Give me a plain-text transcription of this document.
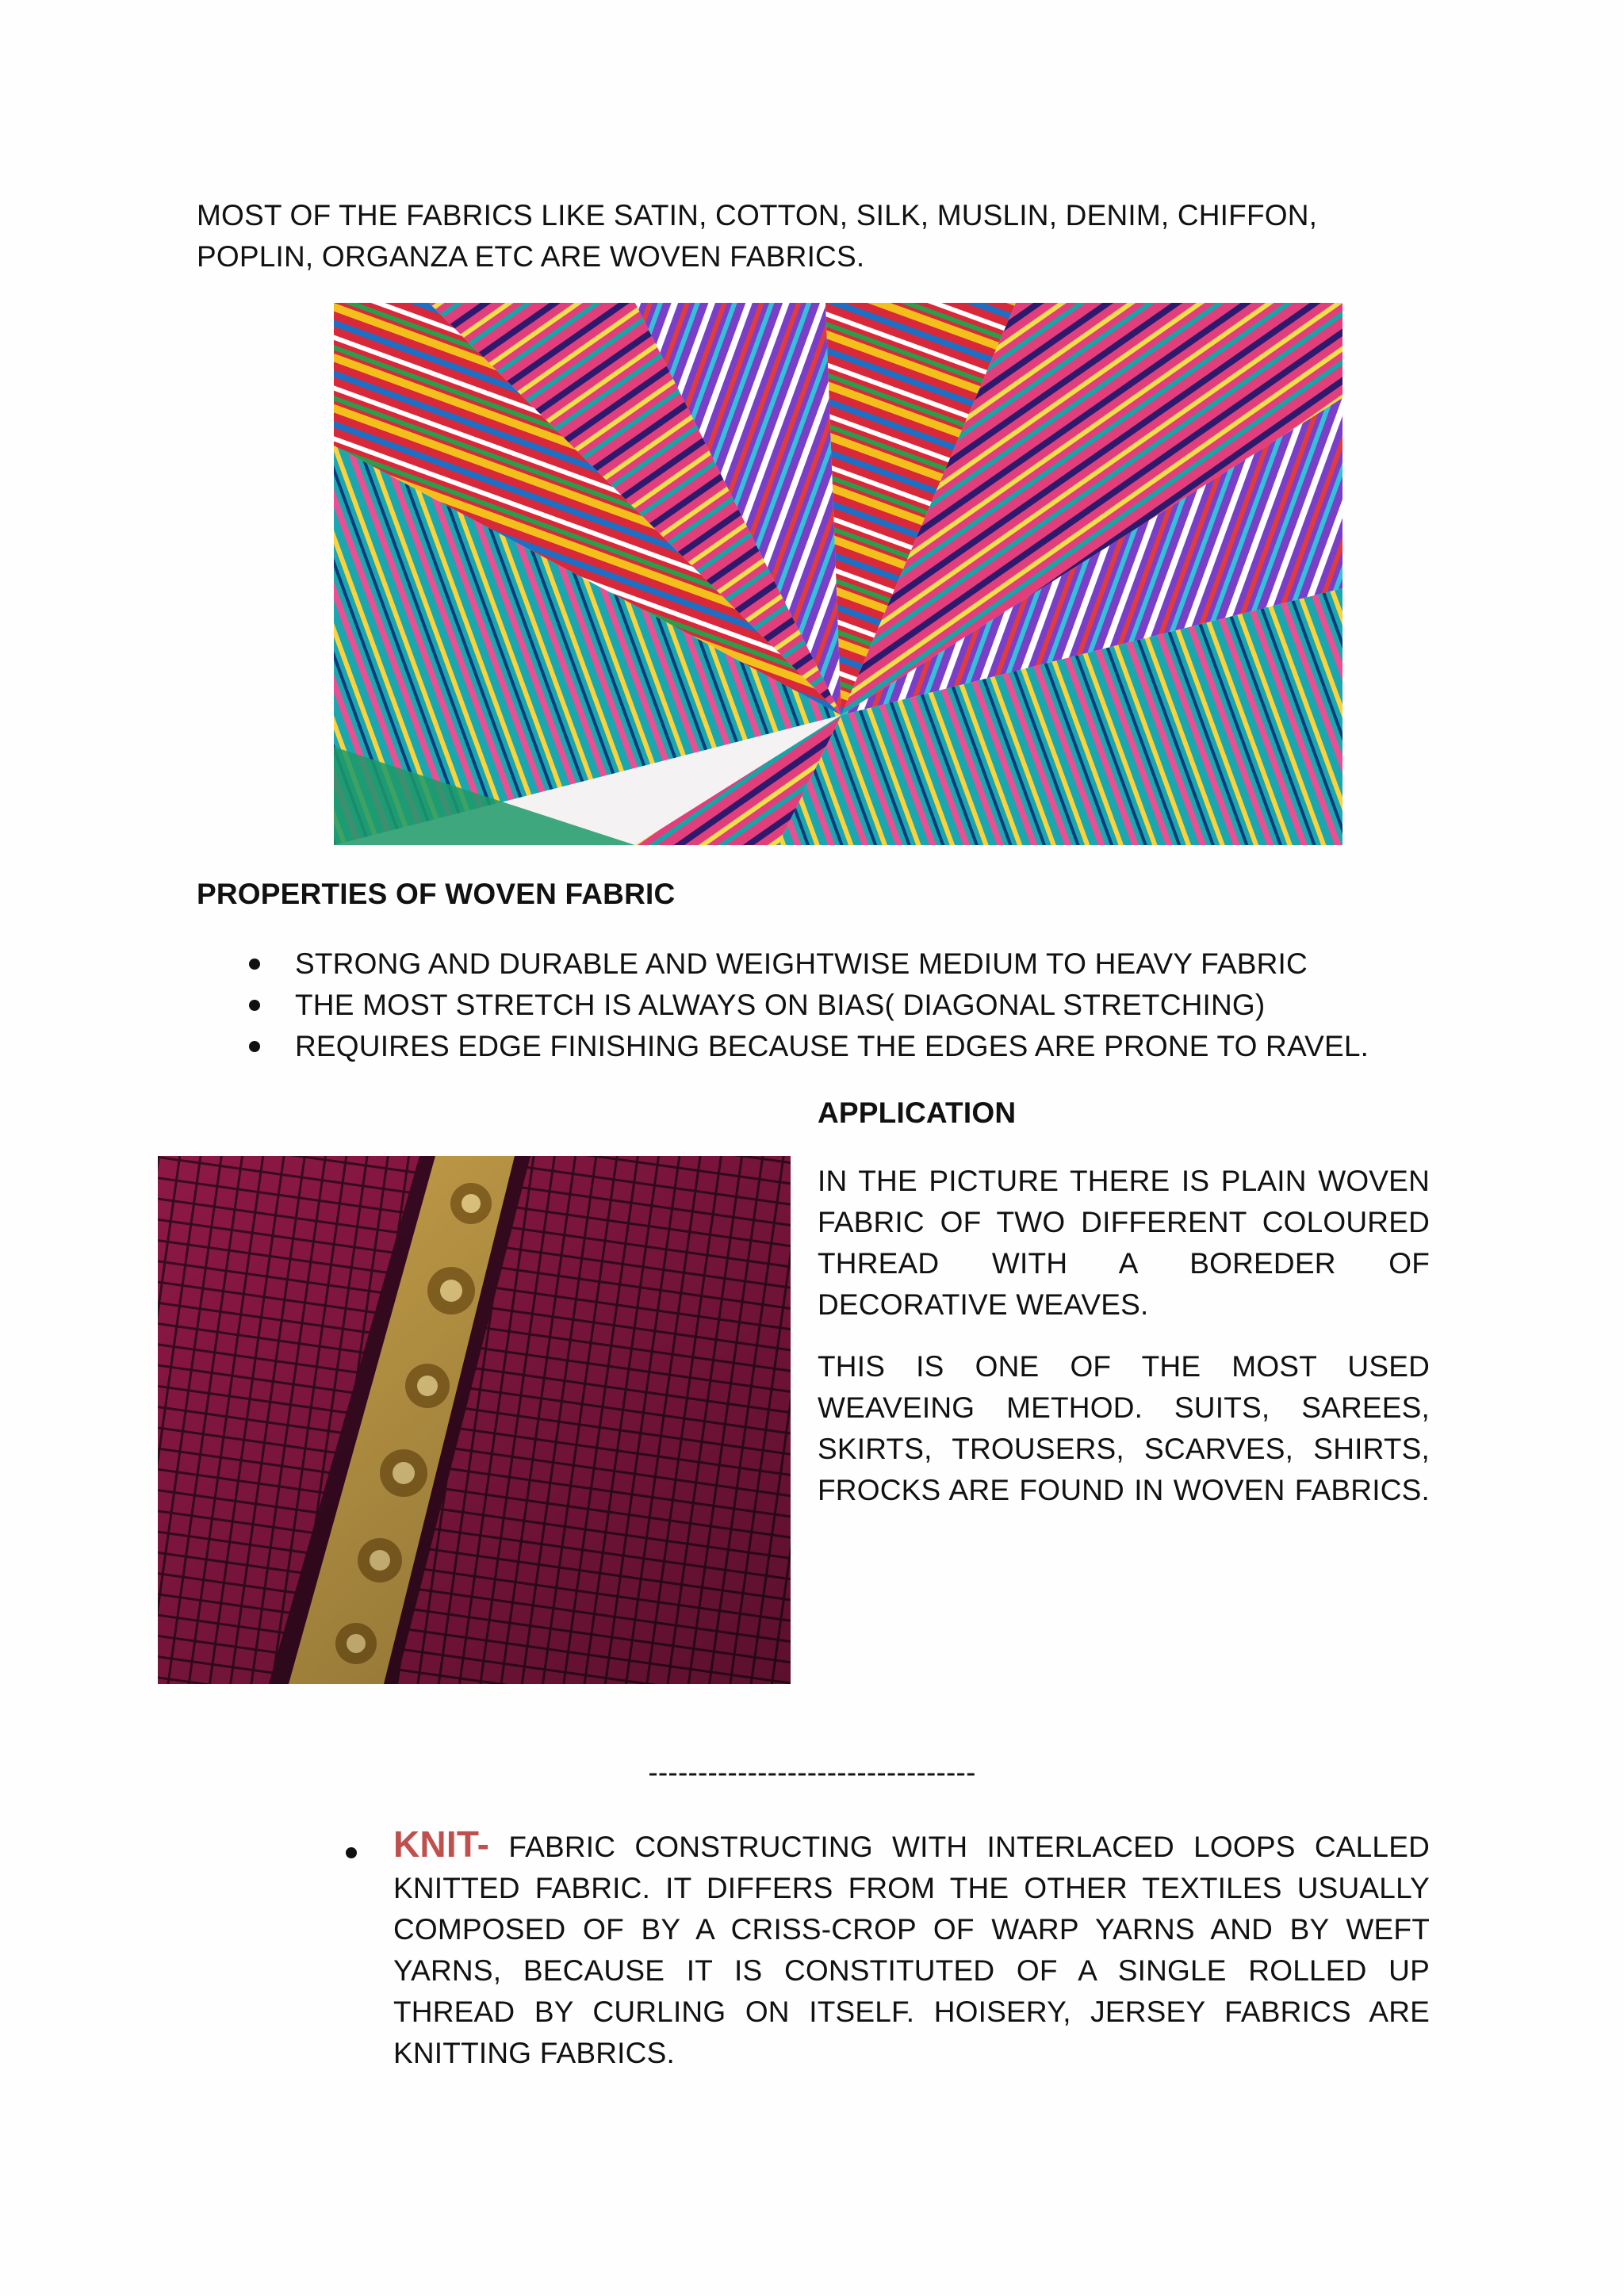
MOST OF THE FABRICS LIKE SATIN, COTTON, SILK, MUSLIN, DENIM, CHIFFON, POPLIN, ORGANZA ETC ARE WOVEN FABRICS.
PROPERTIES OF WOVEN FABRIC
STRONG AND DURABLE AND WEIGHTWISE MEDIUM TO HEAVY FABRIC
THE MOST STRETCH IS ALWAYS ON BIAS( DIAGONAL STRETCHING)
REQUIRES EDGE FINISHING BECAUSE THE EDGES ARE PRONE TO RAVEL.
APPLICATION
IN THE PICTURE THERE IS PLAIN WOVEN FABRIC OF TWO DIFFERENT COLOURED THREAD WITH A BOREDER OF DECORATIVE WEAVES.
THIS IS ONE OF THE MOST USED WEAVEING METHOD. SUITS, SAREES, SKIRTS, TROUSERS, SCARVES, SHIRTS, FROCKS ARE FOUND IN WOVEN FABRICS.
---------------------------------
KNIT- FABRIC CONSTRUCTING WITH INTERLACED LOOPS CALLED KNITTED FABRIC. IT DIFFERS FROM THE OTHER TEXTILES USUALLY COMPOSED OF BY A CRISS-CROP OF WARP YARNS AND BY WEFT YARNS, BECAUSE IT IS CONSTITUTED OF A SINGLE ROLLED UP THREAD BY CURLING ON ITSELF. HOISERY, JERSEY FABRICS ARE KNITTING FABRICS.
